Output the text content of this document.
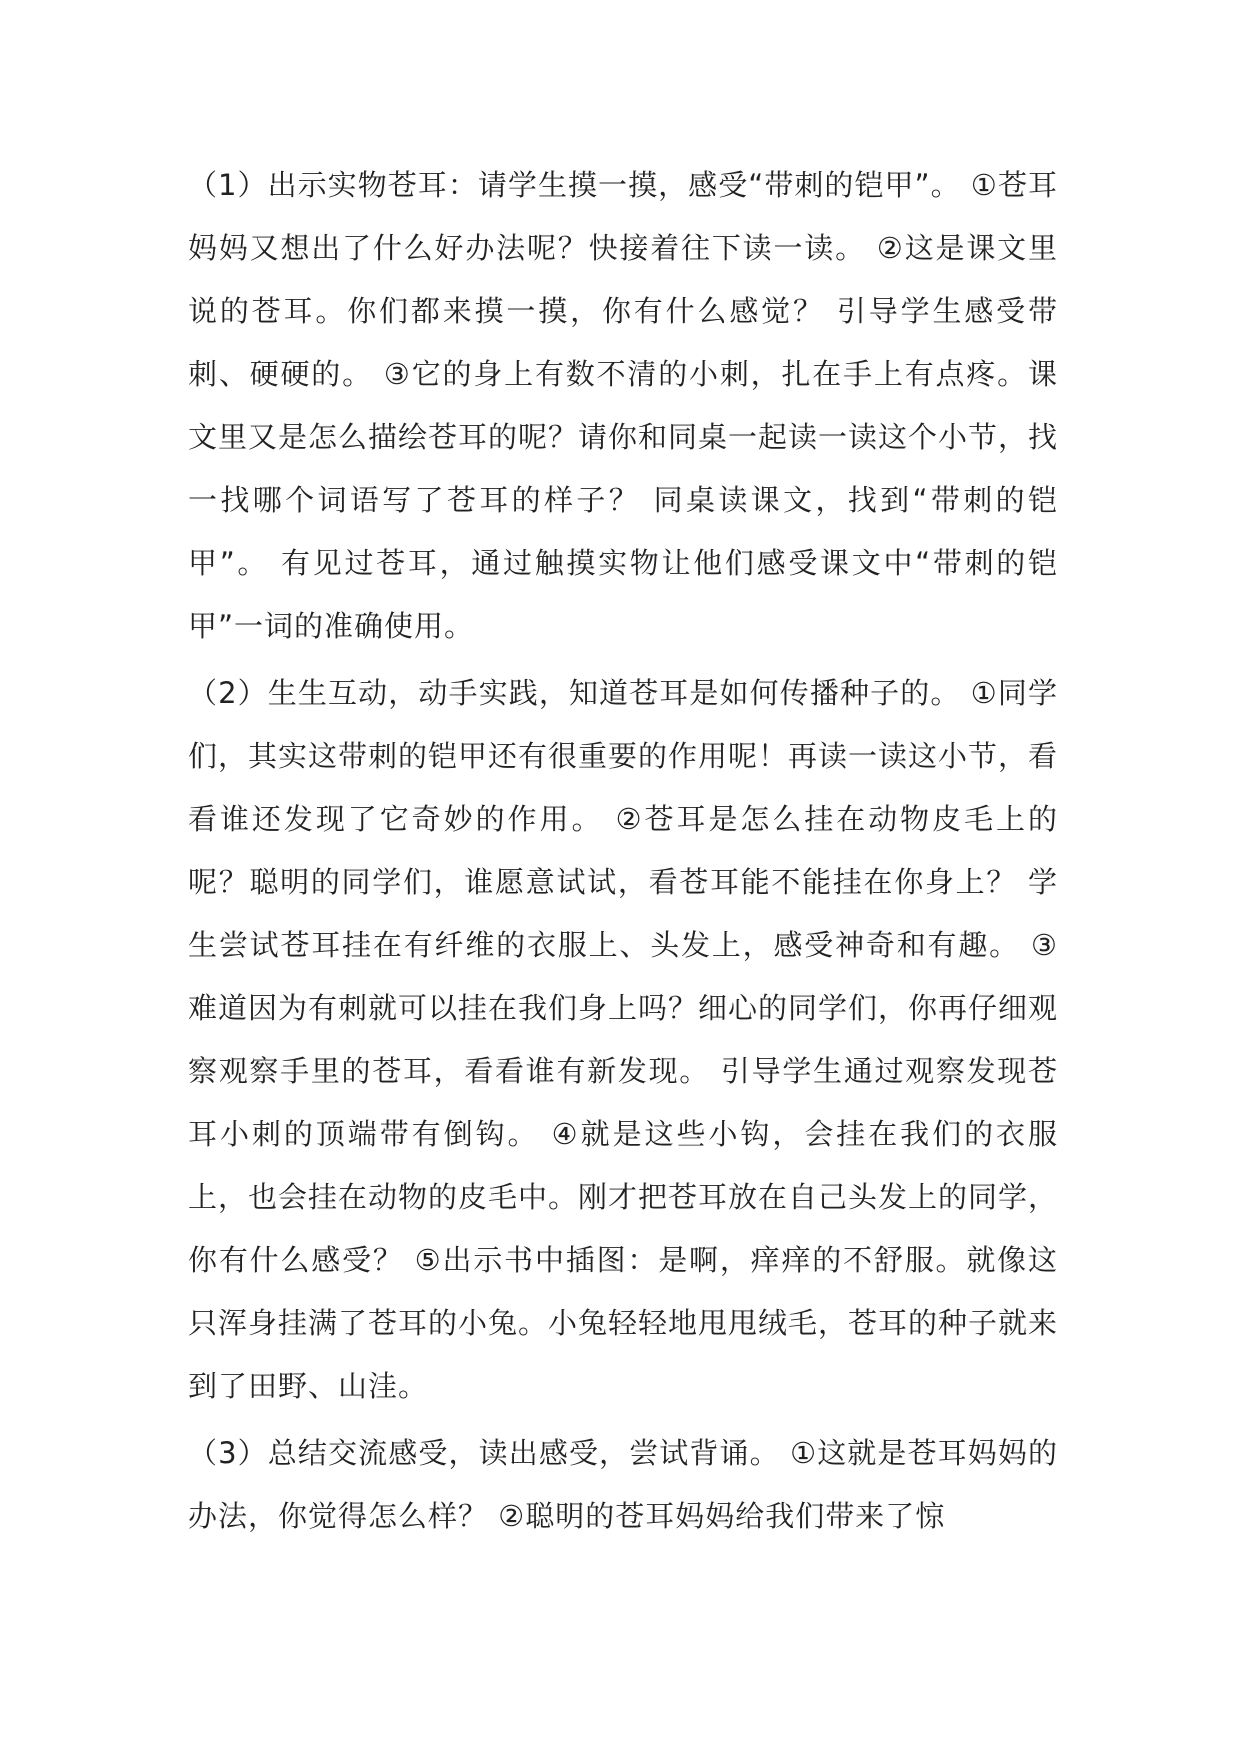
（1）出示实物苍耳：请学生摸一摸，感受“带刺的铠甲”。 ①苍耳妈妈又想出了什么好办法呢？快接着往下读一读。 ②这是课文里说的苍耳。你们都来摸一摸，你有什么感觉？ 引导学生感受带刺、硬硬的。 ③它的身上有数不清的小刺，扎在手上有点疼。课文里又是怎么描绘苍耳的呢？请你和同桌一起读一读这个小节，找一找哪个词语写了苍耳的样子？ 同桌读课文，找到“带刺的铠甲”。 有见过苍耳，通过触摸实物让他们感受课文中“带刺的铠甲”一词的准确使用。

（2）生生互动，动手实践，知道苍耳是如何传播种子的。 ①同学们，其实这带刺的铠甲还有很重要的作用呢！再读一读这小节，看看谁还发现了它奇妙的作用。 ②苍耳是怎么挂在动物皮毛上的呢？聪明的同学们，谁愿意试试，看苍耳能不能挂在你身上？ 学生尝试苍耳挂在有纤维的衣服上、头发上，感受神奇和有趣。 ③难道因为有刺就可以挂在我们身上吗？细心的同学们，你再仔细观察观察手里的苍耳，看看谁有新发现。 引导学生通过观察发现苍耳小刺的顶端带有倒钩。 ④就是这些小钩，会挂在我们的衣服上，也会挂在动物的皮毛中。刚才把苍耳放在自己头发上的同学，你有什么感受？ ⑤出示书中插图：是啊，痒痒的不舒服。就像这只浑身挂满了苍耳的小兔。小兔轻轻地甩甩绒毛，苍耳的种子就来到了田野、山洼。

（3）总结交流感受，读出感受，尝试背诵。 ①这就是苍耳妈妈的办法，你觉得怎么样？ ②聪明的苍耳妈妈给我们带来了惊
